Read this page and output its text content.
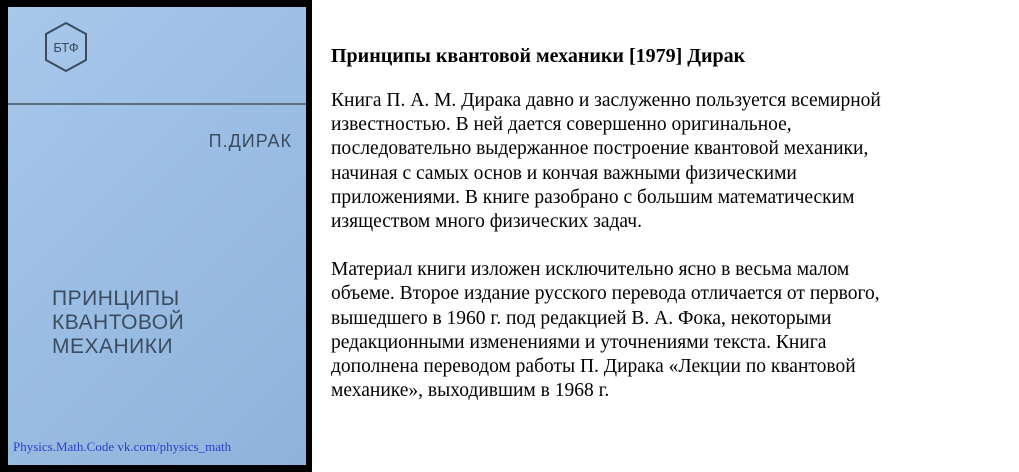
БТФ
П.ДИРАК
ПРИНЦИПЫ
КВАНТОВОЙ
МЕХАНИКИ
Physics.Math.Code vk.com/physics_math
Принципы квантовой механики [1979] Дирак
Книга П. А. М. Дирака давно и заслуженно пользуется всемирной
известностью. В ней дается совершенно оригинальное,
последовательно выдержанное построение квантовой механики,
начиная с самых основ и кончая важными физическими
приложениями. В книге разобрано с большим математическим
изяществом много физических задач.
Материал книги изложен исключительно ясно в весьма малом
объеме. Второе издание русского перевода отличается от первого,
вышедшего в 1960 г. под редакцией В. А. Фока, некоторыми
редакционными изменениями и уточнениями текста. Книга
дополнена переводом работы П. Дирака «Лекции по квантовой
механике», выходившим в 1968 г.
